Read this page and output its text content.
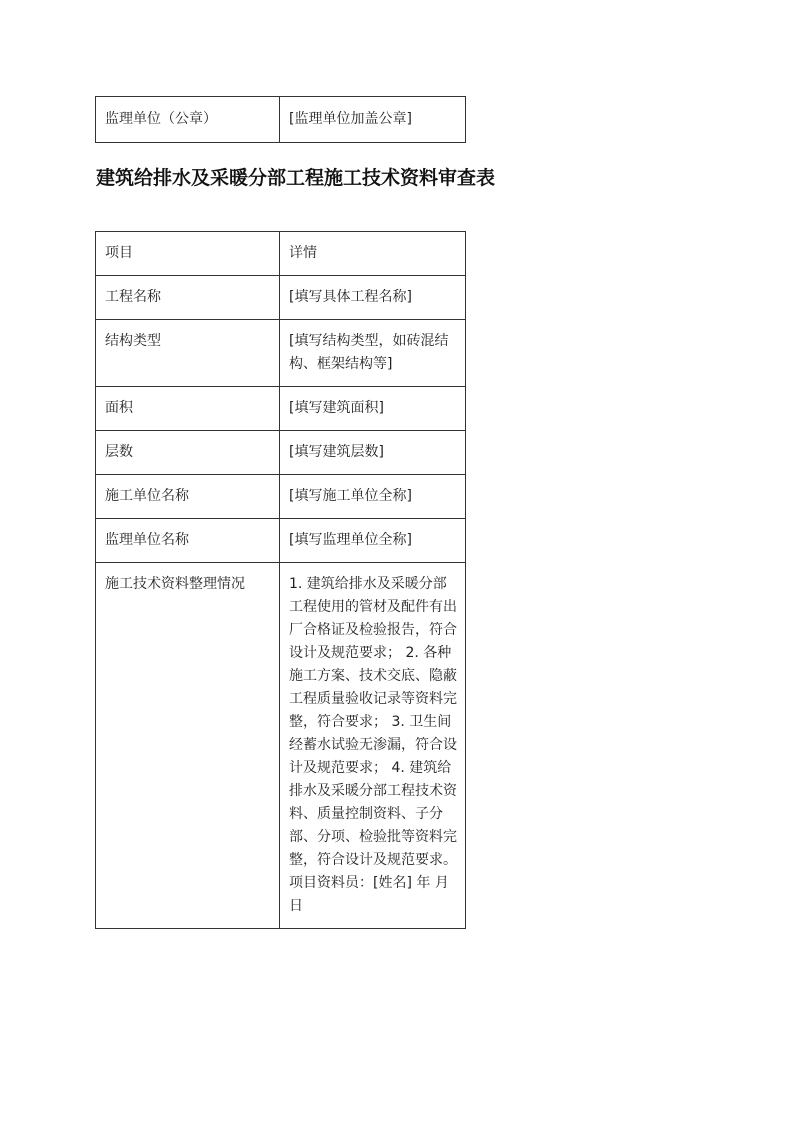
监理单位（公章）	[监理单位加盖公章]
建筑给排水及采暖分部工程施工技术资料审查表
项目	详情
工程名称	[填写具体工程名称]
结构类型	[填写结构类型，如砖混结构、框架结构等]
面积	[填写建筑面积]
层数	[填写建筑层数]
施工单位名称	[填写施工单位全称]
监理单位名称	[填写监理单位全称]
施工技术资料整理情况	1. 建筑给排水及采暖分部工程使用的管材及配件有出厂合格证及检验报告，符合设计及规范要求； 2. 各种施工方案、技术交底、隐蔽工程质量验收记录等资料完整，符合要求； 3. 卫生间经蓄水试验无渗漏，符合设计及规范要求； 4. 建筑给排水及采暖分部工程技术资料、质量控制资料、子分部、分项、检验批等资料完整，符合设计及规范要求。 项目资料员：[姓名] 年 月 日
